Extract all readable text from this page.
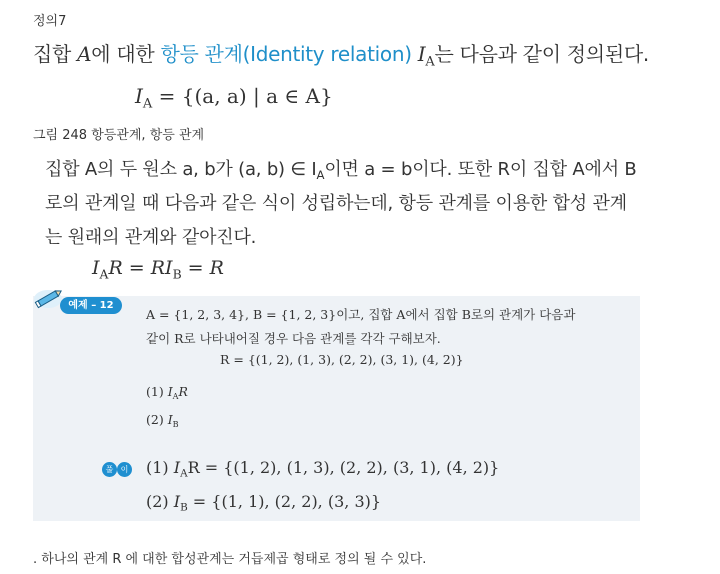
정의7
집합 A에 대한 항등 관계(Identity relation) $I_A$는 다음과 같이 정의된다.
$I_A = \{(a$, a) | a ∈ A}
그림 248 항등관계, 항등 관계
집합 A의 두 원소 a, b가 (a, b) ∈ $I_A$이면 a = b이다. 또한 R이 집합 A에서 B
로의 관계일 때 다음과 같은 식이 성립하는데, 항등 관계를 이용한 합성 관계
는 원래의 관계와 같아진다.
$I_AR = RI_B = R$
예제 – 12
A = {1, 2, 3, 4}, B = {1, 2, 3}이고, 집합 A에서 집합 B로의 관계가 다음과
같이 R로 나타내어질 경우 다음 관계를 각각 구해보자.
R = {(1, 2), (1, 3), (2, 2), (3, 1), (4, 2)}
(1) $I_AR$
(2) $I_B$
풀 이 (1) $I_AR = \{(1$, 2), (1, 3), (2, 2), (3, 1), (4, 2)}
(2) $I_B = \{(1$, 1), (2, 2), (3, 3)}
. 하나의 관계 R 에 대한 합성관계는 거듭제곱 형태로 정의 될 수 있다.
